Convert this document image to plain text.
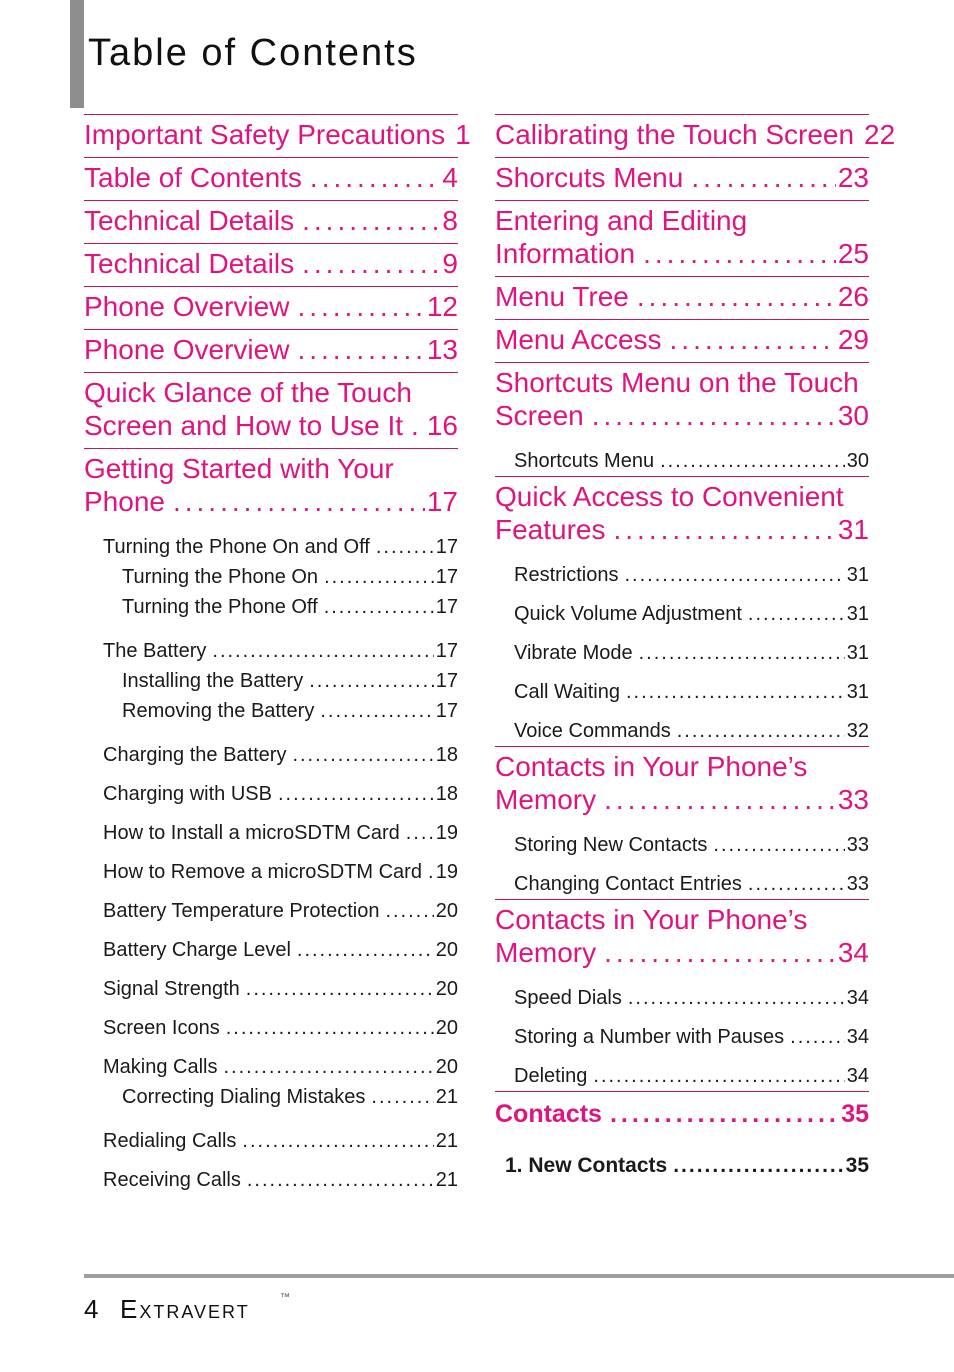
Table of Contents
Important Safety Precautions 1
Table of Contents .....	4
Technical Details .....	8
Technical Details .....	9
Phone Overview .....	12
Phone Overview .....	13
Quick Glance of the Touch
Screen and How to Use It ..... 16
Getting Started with Your
Phone .....	17
Turning the Phone On and Off .....	17
Turning the Phone On .....	17
Turning the Phone Off .....	17
The Battery .....	17
Installing the Battery .....	17
Removing the Battery .....	17
Charging the Battery .....	18
Charging with USB .....	18
How to Install a microSDTM Card ..... 19
How to Remove a microSDTM Card ..... 19
Battery Temperature Protection .....	20
Battery Charge Level .....	20
Signal Strength .....	20
Screen Icons .....	20
Making Calls .....	20
Correcting Dialing Mistakes .....	21
Redialing Calls .....	21
Receiving Calls .....	21
Calibrating the Touch Screen 22
Shorcuts Menu .....	23
Entering and Editing
Information .....	25
Menu Tree .....	26
Menu Access .....	29
Shortcuts Menu on the Touch
Screen .....	30
Shortcuts Menu .....	30
Quick Access to Convenient
Features .....	31
Restrictions .....	31
Quick Volume Adjustment .....	31
Vibrate Mode .....	31
Call Waiting .....	31
Voice Commands .....	32
Contacts in Your Phone’s
Memory .....	33
Storing New Contacts .....	33
Changing Contact Entries .....	33
Contacts in Your Phone’s
Memory .....	34
Speed Dials .....	34
Storing a Number with Pauses .....	34
Deleting .....	34
Contacts .....	35
1. New Contacts .....	35
4 Extravert	™
